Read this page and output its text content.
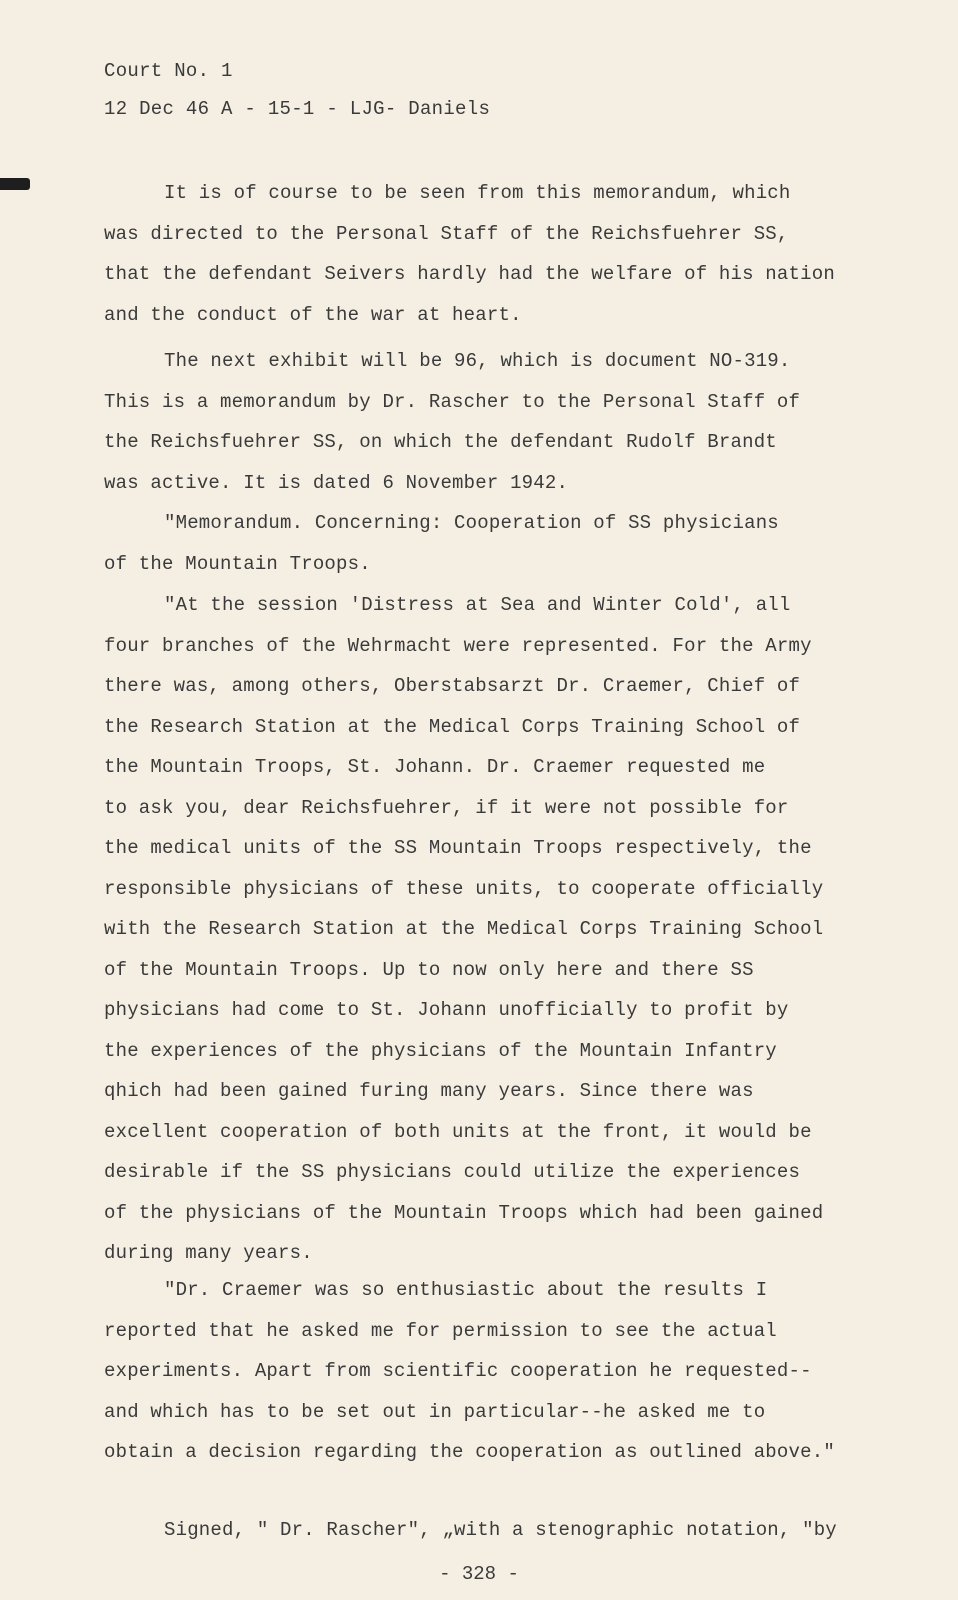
Court No. 1
12 Dec 46 A - 15-1 - LJG- Daniels
It is of course to be seen from this memorandum, which
was directed to the Personal Staff of the Reichsfuehrer SS,
that the defendant Seivers hardly had the welfare of his nation
and the conduct of the war at heart.
The next exhibit will be 96, which is document NO-319.
This is a memorandum by Dr. Rascher to the Personal Staff of
the Reichsfuehrer SS, on which the defendant Rudolf Brandt
was active. It is dated 6 November 1942.
"Memorandum. Concerning: Cooperation of SS physicians
of the Mountain Troops.
"At the session 'Distress at Sea and Winter Cold', all
four branches of the Wehrmacht were represented. For the Army
there was, among others, Oberstabsarzt Dr. Craemer, Chief of
the Research Station at the Medical Corps Training School of
the Mountain Troops, St. Johann. Dr. Craemer requested me
to ask you, dear Reichsfuehrer, if it were not possible for
the medical units of the SS Mountain Troops respectively, the
responsible physicians of these units, to cooperate officially
with the Research Station at the Medical Corps Training School
of the Mountain Troops. Up to now only here and there SS
physicians had come to St. Johann unofficially to profit by
the experiences of the physicians of the Mountain Infantry
qhich had been gained furing many years. Since there was
excellent cooperation of both units at the front, it would be
desirable if the SS physicians could utilize the experiences
of the physicians of the Mountain Troops which had been gained
during many years.
"Dr. Craemer was so enthusiastic about the results I
reported that he asked me for permission to see the actual
experiments. Apart from scientific cooperation he requested--
and which has to be set out in particular--he asked me to
obtain a decision regarding the cooperation as outlined above."
Signed, " Dr. Rascher", „with a stenographic notation, "by
- 328 -
